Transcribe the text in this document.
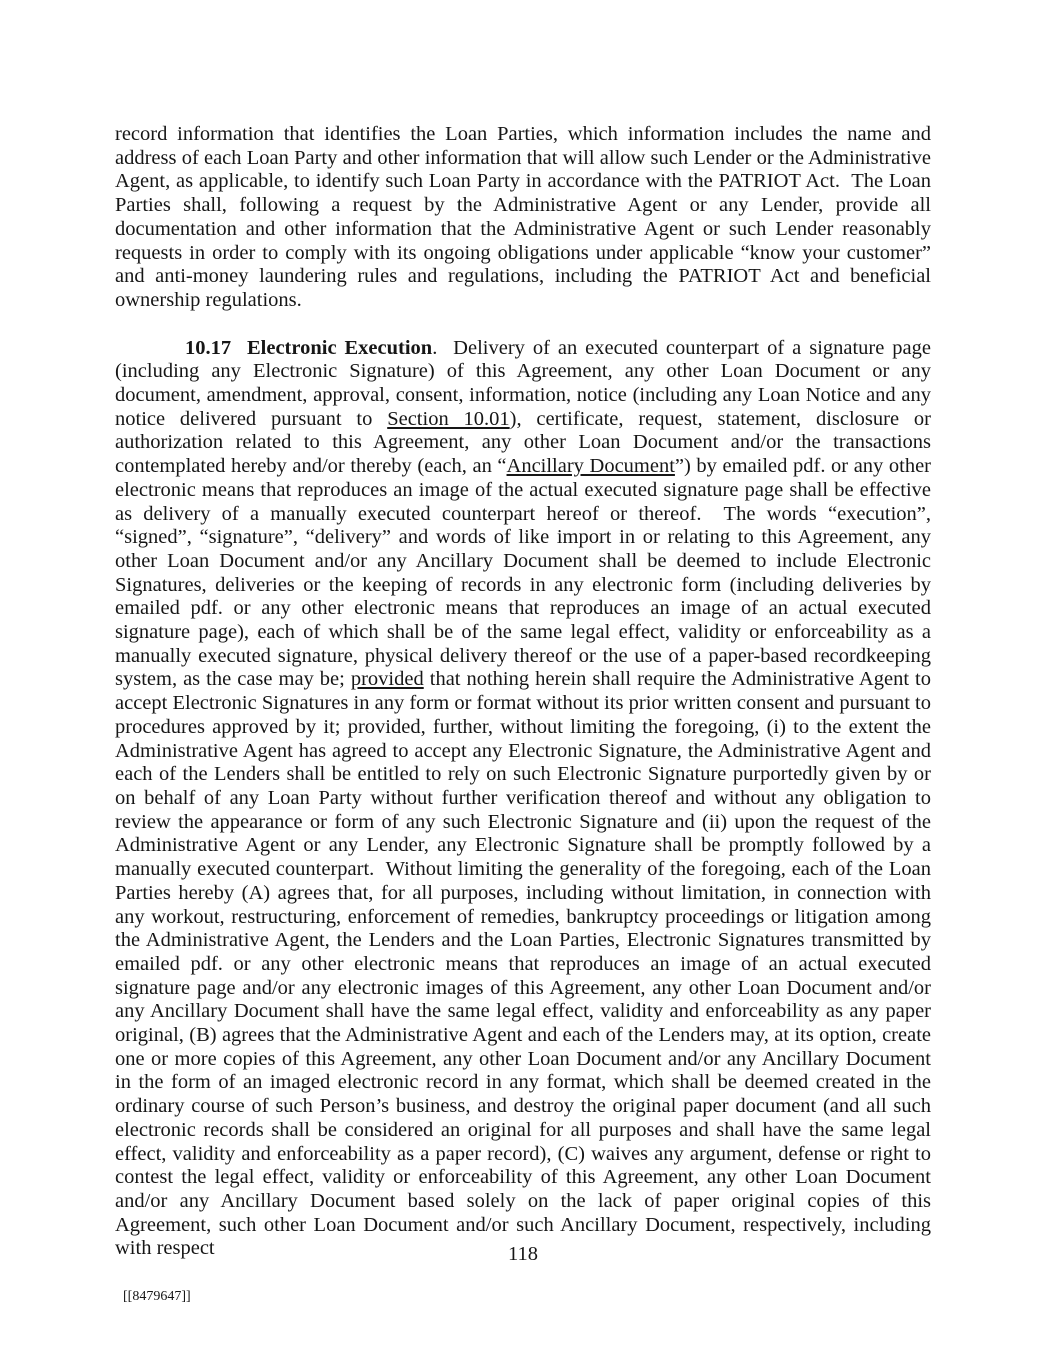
record information that identifies the Loan Parties, which information includes the name and address of each Loan Party and other information that will allow such Lender or the Administrative Agent, as applicable, to identify such Loan Party in accordance with the PATRIOT Act.  The Loan Parties shall, following a request by the Administrative Agent or any Lender, provide all documentation and other information that the Administrative Agent or such Lender reasonably requests in order to comply with its ongoing obligations under applicable “know your customer” and anti-money laundering rules and regulations, including the PATRIOT Act and beneficial ownership regulations.

10.17  Electronic Execution.  Delivery of an executed counterpart of a signature page (including any Electronic Signature) of this Agreement, any other Loan Document or any document, amendment, approval, consent, information, notice (including any Loan Notice and any notice delivered pursuant to Section 10.01), certificate, request, statement, disclosure or authorization related to this Agreement, any other Loan Document and/or the transactions contemplated hereby and/or thereby (each, an “Ancillary Document”) by emailed pdf. or any other electronic means that reproduces an image of the actual executed signature page shall be effective as delivery of a manually executed counterpart hereof or thereof.  The words “execution”, “signed”, “signature”, “delivery” and words of like import in or relating to this Agreement, any other Loan Document and/or any Ancillary Document shall be deemed to include Electronic Signatures, deliveries or the keeping of records in any electronic form (including deliveries by emailed pdf. or any other electronic means that reproduces an image of an actual executed signature page), each of which shall be of the same legal effect, validity or enforceability as a manually executed signature, physical delivery thereof or the use of a paper-based recordkeeping system, as the case may be; provided that nothing herein shall require the Administrative Agent to accept Electronic Signatures in any form or format without its prior written consent and pursuant to procedures approved by it; provided, further, without limiting the foregoing, (i) to the extent the Administrative Agent has agreed to accept any Electronic Signature, the Administrative Agent and each of the Lenders shall be entitled to rely on such Electronic Signature purportedly given by or on behalf of any Loan Party without further verification thereof and without any obligation to review the appearance or form of any such Electronic Signature and (ii) upon the request of the Administrative Agent or any Lender, any Electronic Signature shall be promptly followed by a manually executed counterpart.  Without limiting the generality of the foregoing, each of the Loan Parties hereby (A) agrees that, for all purposes, including without limitation, in connection with any workout, restructuring, enforcement of remedies, bankruptcy proceedings or litigation among the Administrative Agent, the Lenders and the Loan Parties, Electronic Signatures transmitted by emailed pdf. or any other electronic means that reproduces an image of an actual executed signature page and/or any electronic images of this Agreement, any other Loan Document and/or any Ancillary Document shall have the same legal effect, validity and enforceability as any paper original, (B) agrees that the Administrative Agent and each of the Lenders may, at its option, create one or more copies of this Agreement, any other Loan Document and/or any Ancillary Document in the form of an imaged electronic record in any format, which shall be deemed created in the ordinary course of such Person’s business, and destroy the original paper document (and all such electronic records shall be considered an original for all purposes and shall have the same legal effect, validity and enforceability as a paper record), (C) waives any argument, defense or right to contest the legal effect, validity or enforceability of this Agreement, any other Loan Document and/or any Ancillary Document based solely on the lack of paper original copies of this Agreement, such other Loan Document and/or such Ancillary Document, respectively, including with respect	118
[[8479647]]
